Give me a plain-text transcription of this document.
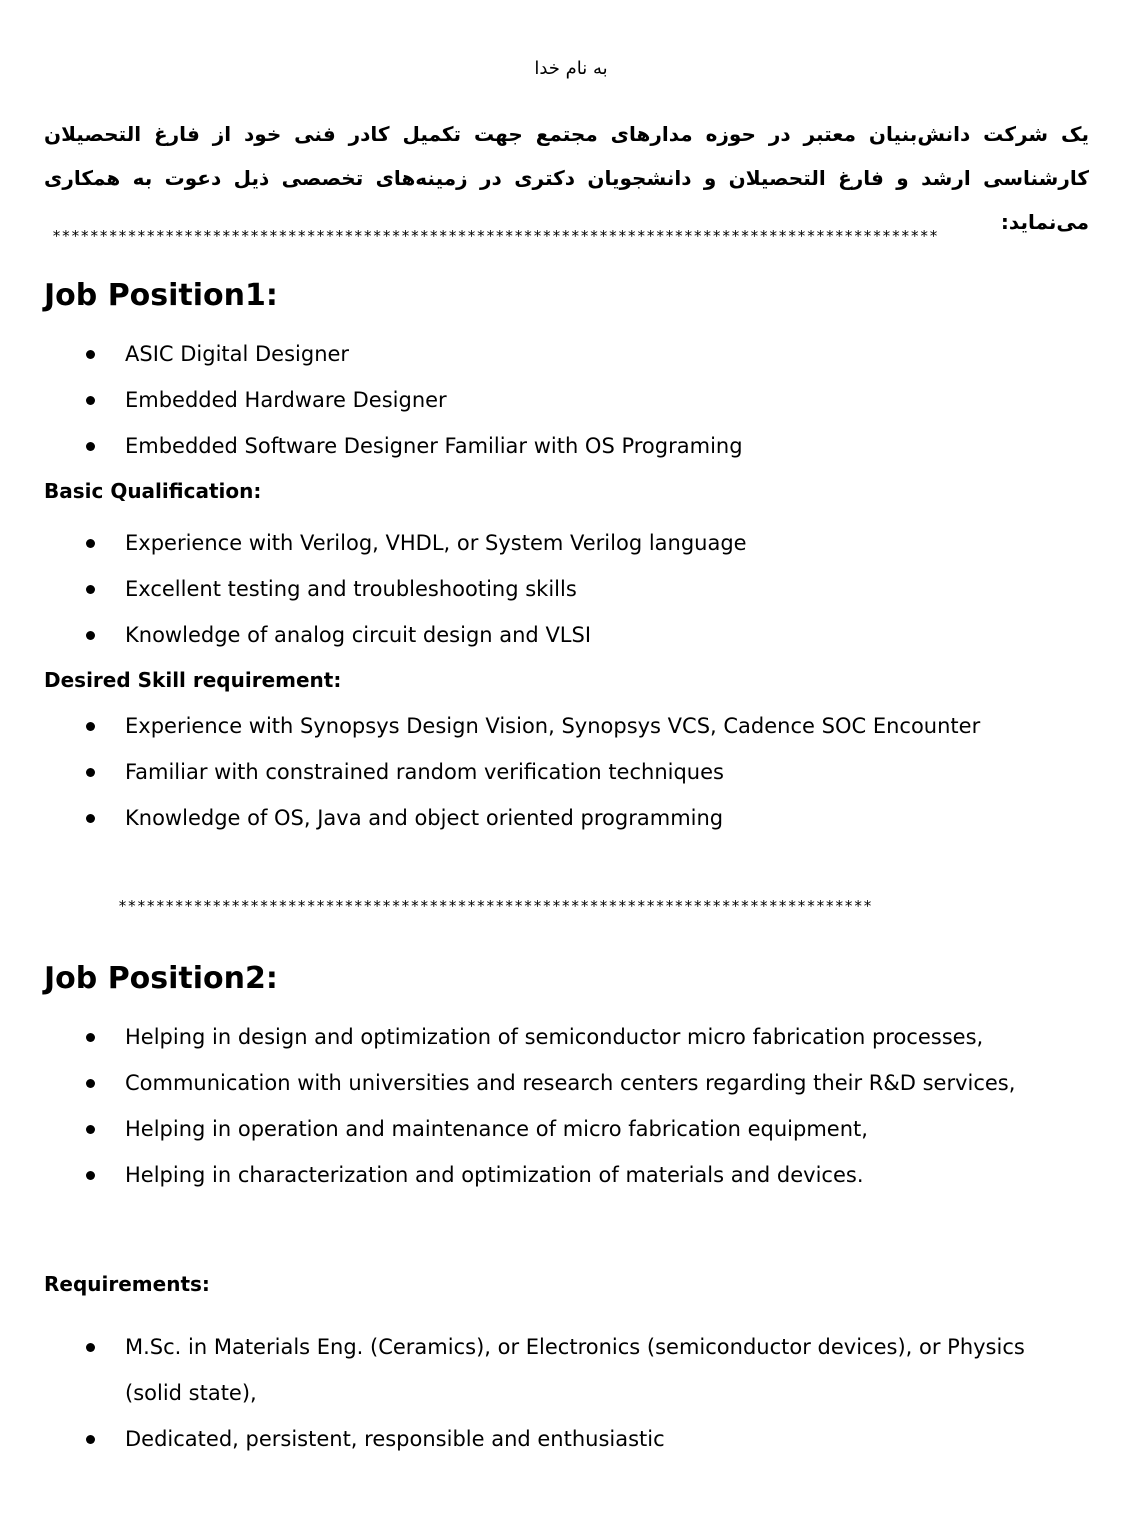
به نام خدا
یک شرکت دانش‌بنیان معتبر در حوزه مدارهای مجتمع جهت تکمیل کادر فنی خود از فارغ التحصیلان کارشناسی ارشد و فارغ التحصیلان و دانشجویان دکتری در زمینه‌های تخصصی ذیل دعوت به همکاری می‌نماید:
**********************************************************************************************
Job Position1:
ASIC Digital Designer
Embedded Hardware Designer
Embedded Software Designer Familiar with OS Programing
Basic Qualification:
Experience with Verilog, VHDL, or System Verilog language
Excellent testing and troubleshooting skills
Knowledge of analog circuit design and VLSI
Desired Skill requirement:
Experience with Synopsys Design Vision, Synopsys VCS, Cadence SOC Encounter
Familiar with constrained random verification techniques
Knowledge of OS, Java and object oriented programming
********************************************************************************
Job Position2:
Helping in design and optimization of semiconductor micro fabrication processes,
Communication with universities and research centers regarding their R&D services,
Helping in operation and maintenance of micro fabrication equipment,
Helping in characterization and optimization of materials and devices.
Requirements:
M.Sc. in Materials Eng. (Ceramics), or Electronics (semiconductor devices), or Physics (solid state),
Dedicated, persistent, responsible and enthusiastic
